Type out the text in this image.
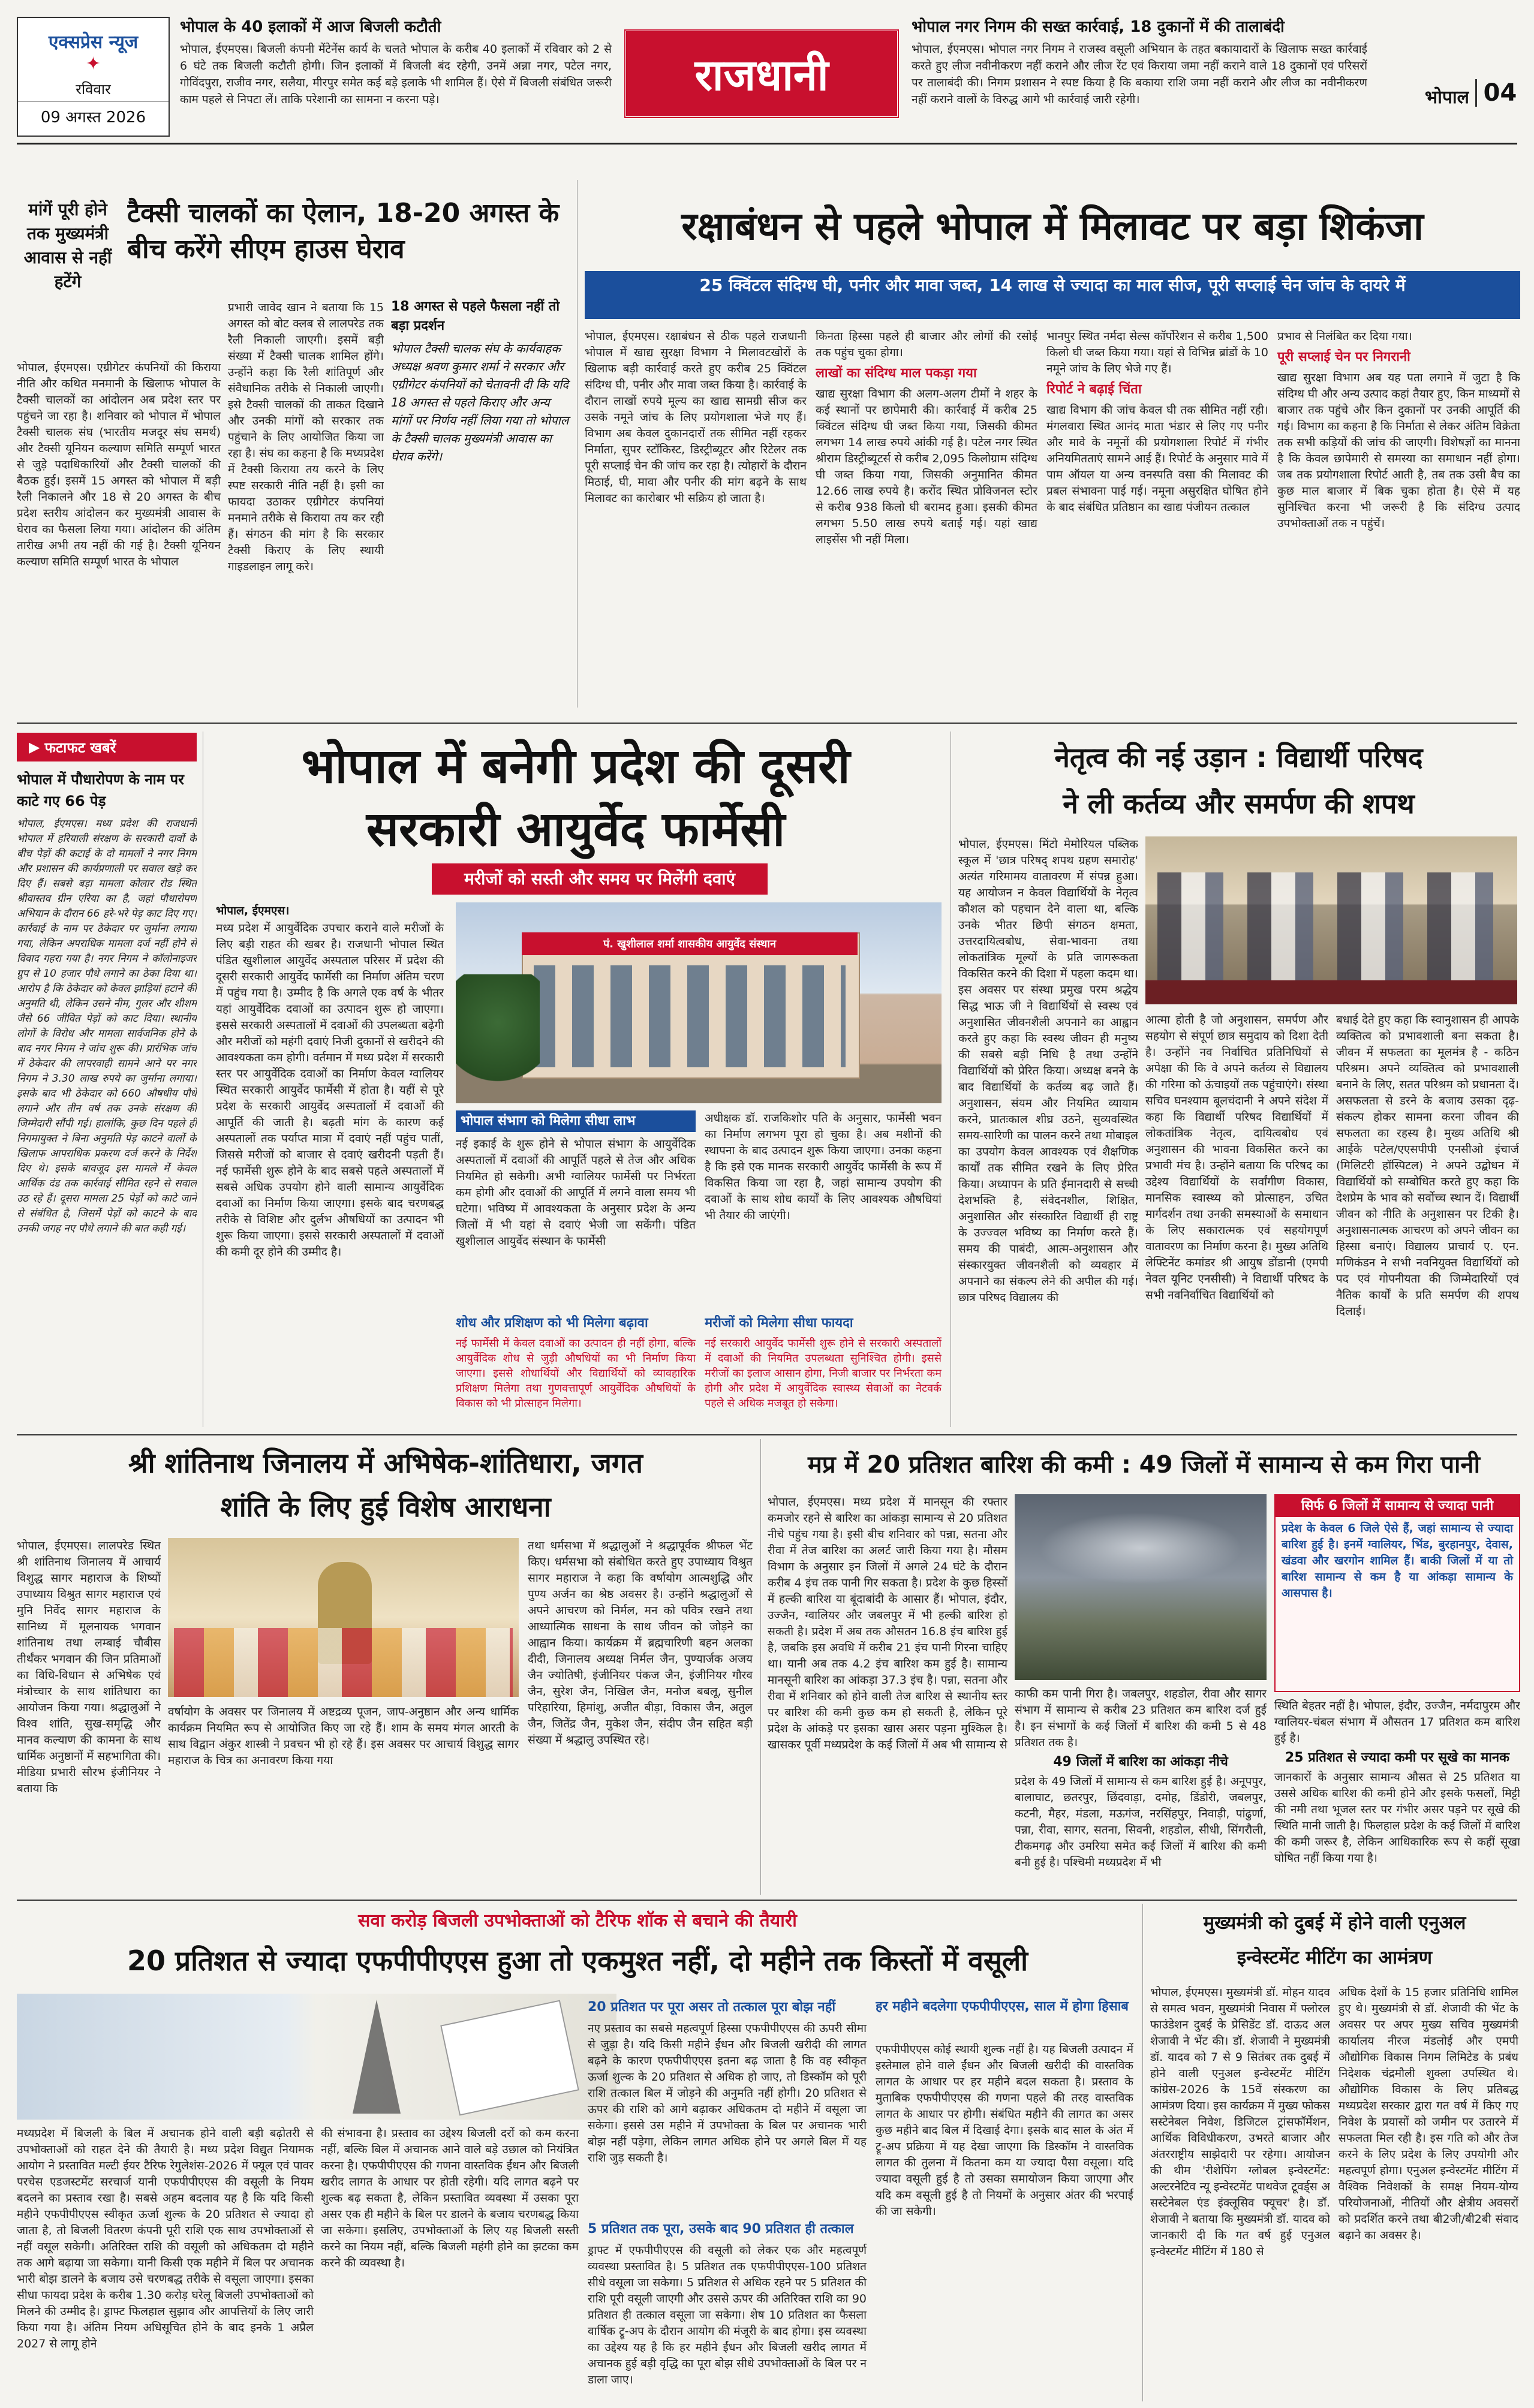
एक्सप्रेस न्यूज
✦
रविवार
09 अगस्त 2026
भोपाल के 40 इलाकों में आज बिजली कटौती
भोपाल, ईएमएस। बिजली कंपनी मेंटेनेंस कार्य के चलते भोपाल के करीब 40 इलाकों में रविवार को 2 से 6 घंटे तक बिजली कटौती होगी। जिन इलाकों में बिजली बंद रहेगी, उनमें अन्ना नगर, पटेल नगर, गोविंदपुरा, राजीव नगर, सलैया, मीरपुर समेत कई बड़े इलाके भी शामिल हैं। ऐसे में बिजली संबंधित जरूरी काम पहले से निपटा लें। ताकि परेशानी का सामना न करना पड़े।	राजधानी
भोपाल नगर निगम की सख्त कार्रवाई, 18 दुकानों में की तालाबंदी
भोपाल, ईएमएस। भोपाल नगर निगम ने राजस्व वसूली अभियान के तहत बकायादारों के खिलाफ सख्त कार्रवाई करते हुए लीज नवीनीकरण नहीं कराने और लीज रेंट एवं किराया जमा नहीं कराने वाले 18 दुकानों एवं परिसरों पर तालाबंदी की। निगम प्रशासन ने स्पष्ट किया है कि बकाया राशि जमा नहीं कराने और लीज का नवीनीकरण नहीं कराने वालों के विरुद्ध आगे भी कार्रवाई जारी रहेगी।	भोपाल 04
मांगें पूरी होने तक मुख्यमंत्री आवास से नहीं हटेंगे
टैक्सी चालकों का ऐलान, 18-20 अगस्त के बीच करेंगे सीएम हाउस घेराव
भोपाल, ईएमएस। एग्रीगेटर कंपनियों की किराया नीति और कथित मनमानी के खिलाफ भोपाल के टैक्सी चालकों का आंदोलन अब प्रदेश स्तर पर पहुंचने जा रहा है। शनिवार को भोपाल में भोपाल टैक्सी चालक संघ (भारतीय मजदूर संघ समर्थ) और टैक्सी यूनियन कल्याण समिति सम्पूर्ण भारत से जुड़े पदाधिकारियों और टैक्सी चालकों की बैठक हुई। इसमें 15 अगस्त को भोपाल में बड़ी रैली निकालने और 18 से 20 अगस्त के बीच प्रदेश स्तरीय आंदोलन कर मुख्यमंत्री आवास के घेराव का फैसला लिया गया। आंदोलन की अंतिम तारीख अभी तय नहीं की गई है। टैक्सी यूनियन कल्याण समिति सम्पूर्ण भारत के भोपाल
प्रभारी जावेद खान ने बताया कि 15 अगस्त को बोट क्लब से लालपरेड तक रैली निकाली जाएगी। इसमें बड़ी संख्या में टैक्सी चालक शामिल होंगे। उन्होंने कहा कि रैली शांतिपूर्ण और संवैधानिक तरीके से निकाली जाएगी। इसे टैक्सी चालकों की ताकत दिखाने और उनकी मांगों को सरकार तक पहुंचाने के लिए आयोजित किया जा रहा है। संघ का कहना है कि मध्यप्रदेश में टैक्सी किराया तय करने के लिए स्पष्ट सरकारी नीति नहीं है। इसी का फायदा उठाकर एग्रीगेटर कंपनियां मनमाने तरीके से किराया तय कर रही हैं। संगठन की मांग है कि सरकार टैक्सी किराए के लिए स्थायी गाइडलाइन लागू करे।
18 अगस्त से पहले फैसला नहीं तो बड़ा प्रदर्शन
भोपाल टैक्सी चालक संघ के कार्यवाहक अध्यक्ष श्रवण कुमार शर्मा ने सरकार और एग्रीगेटर कंपनियों को चेतावनी दी कि यदि 18 अगस्त से पहले किराए और अन्य मांगों पर निर्णय नहीं लिया गया तो भोपाल के टैक्सी चालक मुख्यमंत्री आवास का घेराव करेंगे।
रक्षाबंधन से पहले भोपाल में मिलावट पर बड़ा शिकंजा
25 क्विंटल संदिग्ध घी, पनीर और मावा जब्त, 14 लाख से ज्यादा का माल सीज, पूरी सप्लाई चेन जांच के दायरे में
भोपाल, ईएमएस। रक्षाबंधन से ठीक पहले राजधानी भोपाल में खाद्य सुरक्षा विभाग ने मिलावटखोरों के खिलाफ बड़ी कार्रवाई करते हुए करीब 25 क्विंटल संदिग्ध घी, पनीर और मावा जब्त किया है। कार्रवाई के दौरान लाखों रुपये मूल्य का खाद्य सामग्री सीज कर उसके नमूने जांच के लिए प्रयोगशाला भेजे गए हैं। विभाग अब केवल दुकानदारों तक सीमित नहीं रहकर निर्माता, सुपर स्टॉकिस्ट, डिस्ट्रीब्यूटर और रिटेलर तक पूरी सप्लाई चेन की जांच कर रहा है। त्योहारों के दौरान मिठाई, घी, मावा और पनीर की मांग बढ़ने के साथ मिलावट का कारोबार भी सक्रिय हो जाता है।
किनता हिस्सा पहले ही बाजार और लोगों की रसोई तक पहुंच चुका होगा।
लाखों का संदिग्ध माल पकड़ा गया
खाद्य सुरक्षा विभाग की अलग-अलग टीमों ने शहर के कई स्थानों पर छापेमारी की। कार्रवाई में करीब 25 क्विंटल संदिग्ध घी जब्त किया गया, जिसकी कीमत लगभग 14 लाख रुपये आंकी गई है। पटेल नगर स्थित श्रीराम डिस्ट्रीब्यूटर्स से करीब 2,095 किलोग्राम संदिग्ध घी जब्त किया गया, जिसकी अनुमानित कीमत 12.66 लाख रुपये है। करोंद स्थित प्रोविजनल स्टोर से करीब 938 किलो घी बरामद हुआ। इसकी कीमत लगभग 5.50 लाख रुपये बताई गई। यहां खाद्य लाइसेंस भी नहीं मिला।
भानपुर स्थित नर्मदा सेल्स कॉर्पोरेशन से करीब 1,500 किलो घी जब्त किया गया। यहां से विभिन्न ब्रांडों के 10 नमूने जांच के लिए भेजे गए हैं।
रिपोर्ट ने बढ़ाई चिंता
खाद्य विभाग की जांच केवल घी तक सीमित नहीं रही। मंगलवारा स्थित आनंद माता भंडार से लिए गए पनीर और मावे के नमूनों की प्रयोगशाला रिपोर्ट में गंभीर अनियमितताएं सामने आई हैं। रिपोर्ट के अनुसार मावे में पाम ऑयल या अन्य वनस्पति वसा की मिलावट की प्रबल संभावना पाई गई। नमूना असुरक्षित घोषित होने के बाद संबंधित प्रतिष्ठान का खाद्य पंजीयन तत्काल
प्रभाव से निलंबित कर दिया गया।
पूरी सप्लाई चेन पर निगरानी
खाद्य सुरक्षा विभाग अब यह पता लगाने में जुटा है कि संदिग्ध घी और अन्य उत्पाद कहां तैयार हुए, किन माध्यमों से बाजार तक पहुंचे और किन दुकानों पर उनकी आपूर्ति की गई। विभाग का कहना है कि निर्माता से लेकर अंतिम विक्रेता तक सभी कड़ियों की जांच की जाएगी। विशेषज्ञों का मानना है कि केवल छापेमारी से समस्या का समाधान नहीं होगा। जब तक प्रयोगशाला रिपोर्ट आती है, तब तक उसी बैच का कुछ माल बाजार में बिक चुका होता है। ऐसे में यह सुनिश्चित करना भी जरूरी है कि संदिग्ध उत्पाद उपभोक्ताओं तक न पहुंचें।
▶ फटाफट खबरें
भोपाल में पौधारोपण के नाम पर काटे गए 66 पेड़
भोपाल, ईएमएस। मध्य प्रदेश की राजधानी भोपाल में हरियाली संरक्षण के सरकारी दावों के बीच पेड़ों की कटाई के दो मामलों ने नगर निगम और प्रशासन की कार्यप्रणाली पर सवाल खड़े कर दिए हैं। सबसे बड़ा मामला कोलार रोड स्थित श्रीवास्तव ग्रीन एरिया का है, जहां पौधारोपण अभियान के दौरान 66 हरे-भरे पेड़ काट दिए गए। कार्रवाई के नाम पर ठेकेदार पर जुर्माना लगाया गया, लेकिन अपराधिक मामला दर्ज नहीं होने से विवाद गहरा गया है। नगर निगम ने कॉलोनाइजर ग्रुप से 10 हजार पौधे लगाने का ठेका दिया था। आरोप है कि ठेकेदार को केवल झाड़ियां हटाने की अनुमति थी, लेकिन उसने नीम, गुलर और शीशम जैसे 66 जीवित पेड़ों को काट दिया। स्थानीय लोगों के विरोध और मामला सार्वजनिक होने के बाद नगर निगम ने जांच शुरू की। प्रारंभिक जांच में ठेकेदार की लापरवाही सामने आने पर नगर निगम ने 3.30 लाख रुपये का जुर्माना लगाया। इसके बाद भी ठेकेदार को 660 औषधीय पौधे लगाने और तीन वर्ष तक उनके संरक्षण की जिम्मेदारी सौंपी गई। हालांकि, कुछ दिन पहले ही निगमायुक्त ने बिना अनुमति पेड़ काटने वालों के खिलाफ आपराधिक प्रकरण दर्ज करने के निर्देश दिए थे। इसके बावजूद इस मामले में केवल आर्थिक दंड तक कार्रवाई सीमित रहने से सवाल उठ रहे हैं। दूसरा मामला 25 पेड़ों को काटे जाने से संबंधित है, जिसमें पेड़ों को काटने के बाद उनकी जगह नए पौधे लगाने की बात कही गई।
भोपाल में बनेगी प्रदेश की दूसरी
सरकारी आयुर्वेद फार्मेसी
मरीजों को सस्ती और समय पर मिलेंगी दवाएं
भोपाल, ईएमएस।
मध्य प्रदेश में आयुर्वेदिक उपचार कराने वाले मरीजों के लिए बड़ी राहत की खबर है। राजधानी भोपाल स्थित पंडित खुशीलाल आयुर्वेद अस्पताल परिसर में प्रदेश की दूसरी सरकारी आयुर्वेद फार्मेसी का निर्माण अंतिम चरण में पहुंच गया है। उम्मीद है कि अगले एक वर्ष के भीतर यहां आयुर्वेदिक दवाओं का उत्पादन शुरू हो जाएगा। इससे सरकारी अस्पतालों में दवाओं की उपलब्धता बढ़ेगी और मरीजों को महंगी दवाएं निजी दुकानों से खरीदने की आवश्यकता कम होगी। वर्तमान में मध्य प्रदेश में सरकारी स्तर पर आयुर्वेदिक दवाओं का निर्माण केवल ग्वालियर स्थित सरकारी आयुर्वेद फार्मेसी में होता है। यहीं से पूरे प्रदेश के सरकारी आयुर्वेद अस्पतालों में दवाओं की आपूर्ति की जाती है। बढ़ती मांग के कारण कई अस्पतालों तक पर्याप्त मात्रा में दवाएं नहीं पहुंच पातीं, जिससे मरीजों को बाजार से दवाएं खरीदनी पड़ती हैं। नई फार्मेसी शुरू होने के बाद सबसे पहले अस्पतालों में सबसे अधिक उपयोग होने वाली सामान्य आयुर्वेदिक दवाओं का निर्माण किया जाएगा। इसके बाद चरणबद्ध तरीके से विशिष्ट और दुर्लभ औषधियों का उत्पादन भी शुरू किया जाएगा। इससे सरकारी अस्पतालों में दवाओं की कमी दूर होने की उम्मीद है।
पं. खुशीलाल शर्मा शासकीय आयुर्वेद संस्थान
भोपाल संभाग को मिलेगा सीधा लाभ
नई इकाई के शुरू होने से भोपाल संभाग के आयुर्वेदिक अस्पतालों में दवाओं की आपूर्ति पहले से तेज और अधिक नियमित हो सकेगी। अभी ग्वालियर फार्मेसी पर निर्भरता कम होगी और दवाओं की आपूर्ति में लगने वाला समय भी घटेगा। भविष्य में आवश्यकता के अनुसार प्रदेश के अन्य जिलों में भी यहां से दवाएं भेजी जा सकेंगी। पंडित खुशीलाल आयुर्वेद संस्थान के फार्मेसी
अधीक्षक डॉ. राजकिशोर पति के अनुसार, फार्मेसी भवन का निर्माण लगभग पूरा हो चुका है। अब मशीनों की स्थापना के बाद उत्पादन शुरू किया जाएगा। उनका कहना है कि इसे एक मानक सरकारी आयुर्वेद फार्मेसी के रूप में विकसित किया जा रहा है, जहां सामान्य उपयोग की दवाओं के साथ शोध कार्यों के लिए आवश्यक औषधियां भी तैयार की जाएंगी।
शोध और प्रशिक्षण को भी मिलेगा बढ़ावा
नई फार्मेसी में केवल दवाओं का उत्पादन ही नहीं होगा, बल्कि आयुर्वेदिक शोध से जुड़ी औषधियों का भी निर्माण किया जाएगा। इससे शोधार्थियों और विद्यार्थियों को व्यावहारिक प्रशिक्षण मिलेगा तथा गुणवत्तापूर्ण आयुर्वेदिक औषधियों के विकास को भी प्रोत्साहन मिलेगा।
मरीजों को मिलेगा सीधा फायदा
नई सरकारी आयुर्वेद फार्मेसी शुरू होने से सरकारी अस्पतालों में दवाओं की नियमित उपलब्धता सुनिश्चित होगी। इससे मरीजों का इलाज आसान होगा, निजी बाजार पर निर्भरता कम होगी और प्रदेश में आयुर्वेदिक स्वास्थ्य सेवाओं का नेटवर्क पहले से अधिक मजबूत हो सकेगा।
नेतृत्व की नई उड़ान : विद्यार्थी परिषद
ने ली कर्तव्य और समर्पण की शपथ
भोपाल, ईएमएस। मिंटो मेमोरियल पब्लिक स्कूल में 'छात्र परिषद् शपथ ग्रहण समारोह' अत्यंत गरिमामय वातावरण में संपन्न हुआ। यह आयोजन न केवल विद्यार्थियों के नेतृत्व कौशल को पहचान देने वाला था, बल्कि उनके भीतर छिपी संगठन क्षमता, उत्तरदायित्वबोध, सेवा-भावना तथा लोकतांत्रिक मूल्यों के प्रति जागरूकता विकसित करने की दिशा में पहला कदम था। इस अवसर पर संस्था प्रमुख परम श्रद्धेय सिद्ध भाऊ जी ने विद्यार्थियों से स्वस्थ एवं अनुशासित जीवनशैली अपनाने का आह्वान करते हुए कहा कि स्वस्थ जीवन ही मनुष्य की सबसे बड़ी निधि है तथा उन्होंने विद्यार्थियों को प्रेरित किया। अध्यक्ष बनने के बाद विद्यार्थियों के कर्तव्य बढ़ जाते हैं। अनुशासन, संयम और नियमित व्यायाम करने, प्रातःकाल शीघ्र उठने, सुव्यवस्थित समय-सारिणी का पालन करने तथा मोबाइल का उपयोग केवल आवश्यक एवं शैक्षणिक कार्यों तक सीमित रखने के लिए प्रेरित किया। अध्यापन के प्रति ईमानदारी से सच्ची देशभक्ति है, संवेदनशील, शिक्षित, अनुशासित और संस्कारित विद्यार्थी ही राष्ट्र के उज्ज्वल भविष्य का निर्माण करते हैं। समय की पाबंदी, आत्म-अनुशासन और संस्कारयुक्त जीवनशैली को व्यवहार में अपनाने का संकल्प लेने की अपील की गई। छात्र परिषद विद्यालय की
आत्मा होती है जो अनुशासन, समर्पण और सहयोग से संपूर्ण छात्र समुदाय को दिशा देती है। उन्होंने नव निर्वाचित प्रतिनिधियों से अपेक्षा की कि वे अपने कर्तव्य से विद्यालय की गरिमा को ऊंचाइयों तक पहुंचाएंगे। संस्था सचिव घनश्याम बूलचंदानी ने अपने संदेश में कहा कि विद्यार्थी परिषद विद्यार्थियों में लोकतांत्रिक नेतृत्व, दायित्वबोध एवं अनुशासन की भावना विकसित करने का प्रभावी मंच है। उन्होंने बताया कि परिषद का उद्देश्य विद्यार्थियों के सर्वांगीण विकास, मानसिक स्वास्थ्य को प्रोत्साहन, उचित मार्गदर्शन तथा उनकी समस्याओं के समाधान के लिए सकारात्मक एवं सहयोगपूर्ण वातावरण का निर्माण करना है। मुख्य अतिथि लेफ्टिनेंट कमांडर श्री आयुष डोंडानी (एमपी नेवल यूनिट एनसीसी) ने विद्यार्थी परिषद के सभी नवनिर्वाचित विद्यार्थियों को
बधाई देते हुए कहा कि स्वानुशासन ही आपके व्यक्तित्व को प्रभावशाली बना सकता है। जीवन में सफलता का मूलमंत्र है - कठिन परिश्रम। अपने व्यक्तित्व को प्रभावशाली बनाने के लिए, सतत परिश्रम को प्रधानता दें। असफलता से डरने के बजाय उसका दृढ़-संकल्प होकर सामना करना जीवन की सफलता का रहस्य है। मुख्य अतिथि श्री आईके पटेल/एएसपीपी एनसीओ इंचार्ज (मिलिटरी हॉस्पिटल) ने अपने उद्बोधन में विद्यार्थियों को सम्बोधित करते हुए कहा कि देशप्रेम के भाव को सर्वोच्च स्थान दें। विद्यार्थी जीवन को नीति के अनुशासन पर टिकी है। अनुशासनात्मक आचरण को अपने जीवन का हिस्सा बनाएं। विद्यालय प्राचार्य ए. एन. मणिकंडन ने सभी नवनियुक्त विद्यार्थियों को पद एवं गोपनीयता की जिम्मेदारियों एवं नैतिक कार्यों के प्रति समर्पण की शपथ दिलाई।
श्री शांतिनाथ जिनालय में अभिषेक-शांतिधारा, जगत
शांति के लिए हुई विशेष आराधना
भोपाल, ईएमएस। लालपरेड स्थित श्री शांतिनाथ जिनालय में आचार्य विशुद्ध सागर महाराज के शिष्यों उपाध्याय विश्रुत सागर महाराज एवं मुनि निर्वेद सागर महाराज के सानिध्य में मूलनायक भगवान शांतिनाथ तथा लम्बाई चौबीस तीर्थंकर भगवान की जिन प्रतिमाओं का विधि-विधान से अभिषेक एवं मंत्रोच्चार के साथ शांतिधारा का आयोजन किया गया। श्रद्धालुओं ने विश्व शांति, सुख-समृद्धि और मानव कल्याण की कामना के साथ धार्मिक अनुष्ठानों में सहभागिता की। मीडिया प्रभारी सौरभ इंजीनियर ने बताया कि
वर्षायोग के अवसर पर जिनालय में अष्टद्रव्य पूजन, जाप-अनुष्ठान और अन्य धार्मिक कार्यक्रम नियमित रूप से आयोजित किए जा रहे हैं। शाम के समय मंगल आरती के साथ विद्वान अंकुर शास्त्री ने प्रवचन भी हो रहे हैं। इस अवसर पर आचार्य विशुद्ध सागर महाराज के चित्र का अनावरण किया गया
तथा धर्मसभा में श्रद्धालुओं ने श्रद्धापूर्वक श्रीफल भेंट किए। धर्मसभा को संबोधित करते हुए उपाध्याय विश्रुत सागर महाराज ने कहा कि वर्षायोग आत्मशुद्धि और पुण्य अर्जन का श्रेष्ठ अवसर है। उन्होंने श्रद्धालुओं से अपने आचरण को निर्मल, मन को पवित्र रखने तथा आध्यात्मिक साधना के साथ जीवन को जोड़ने का आह्वान किया। कार्यक्रम में ब्रह्मचारिणी बहन अलका दीदी, जिनालय अध्यक्ष निर्मल जैन, पुण्यार्जक अजय जैन ज्योतिषी, इंजीनियर पंकज जैन, इंजीनियर गौरव जैन, सुरेश जैन, निखिल जैन, मनोज बबलू, सुनील परिहारिया, हिमांशु, अजीत बीड़ा, विकास जैन, अतुल जैन, जितेंद्र जैन, मुकेश जैन, संदीप जैन सहित बड़ी संख्या में श्रद्धालु उपस्थित रहे।
मप्र में 20 प्रतिशत बारिश की कमी : 49 जिलों में सामान्य से कम गिरा पानी
भोपाल, ईएमएस। मध्य प्रदेश में मानसून की रफ्तार कमजोर रहने से बारिश का आंकड़ा सामान्य से 20 प्रतिशत नीचे पहुंच गया है। इसी बीच शनिवार को पन्ना, सतना और रीवा में तेज बारिश का अलर्ट जारी किया गया है। मौसम विभाग के अनुसार इन जिलों में अगले 24 घंटे के दौरान करीब 4 इंच तक पानी गिर सकता है। प्रदेश के कुछ हिस्सों में हल्की बारिश या बूंदाबांदी के आसार हैं। भोपाल, इंदौर, उज्जैन, ग्वालियर और जबलपुर में भी हल्की बारिश हो सकती है। प्रदेश में अब तक औसतन 16.8 इंच बारिश हुई है, जबकि इस अवधि में करीब 21 इंच पानी गिरना चाहिए था। यानी अब तक 4.2 इंच बारिश कम हुई है। सामान्य मानसूनी बारिश का आंकड़ा 37.3 इंच है। पन्ना, सतना और रीवा में शनिवार को होने वाली तेज बारिश से स्थानीय स्तर पर बारिश की कमी कुछ कम हो सकती है, लेकिन पूरे प्रदेश के आंकड़े पर इसका खास असर पड़ना मुश्किल है। खासकर पूर्वी मध्यप्रदेश के कई जिलों में अब भी सामान्य से
सिर्फ 6 जिलों में सामान्य से ज्यादा पानी
प्रदेश के केवल 6 जिले ऐसे हैं, जहां सामान्य से ज्यादा बारिश हुई है। इनमें ग्वालियर, भिंड, बुरहानपुर, देवास, खंडवा और खरगोन शामिल हैं। बाकी जिलों में या तो बारिश सामान्य से कम है या आंकड़ा सामान्य के आसपास है।
काफी कम पानी गिरा है। जबलपुर, शहडोल, रीवा और सागर संभाग में सामान्य से करीब 23 प्रतिशत कम बारिश दर्ज हुई है। इन संभागों के कई जिलों में बारिश की कमी 5 से 48 प्रतिशत तक है।
49 जिलों में बारिश का आंकड़ा नीचे
प्रदेश के 49 जिलों में सामान्य से कम बारिश हुई है। अनूपपुर, बालाघाट, छतरपुर, छिंदवाड़ा, दमोह, डिंडोरी, जबलपुर, कटनी, मैहर, मंडला, मऊगंज, नरसिंहपुर, निवाड़ी, पांढुर्णा, पन्ना, रीवा, सागर, सतना, सिवनी, शहडोल, सीधी, सिंगरौली, टीकमगढ़ और उमरिया समेत कई जिलों में बारिश की कमी बनी हुई है। पश्चिमी मध्यप्रदेश में भी
स्थिति बेहतर नहीं है। भोपाल, इंदौर, उज्जैन, नर्मदापुरम और ग्वालियर-चंबल संभाग में औसतन 17 प्रतिशत कम बारिश हुई है।
25 प्रतिशत से ज्यादा कमी पर सूखे का मानक
जानकारों के अनुसार सामान्य औसत से 25 प्रतिशत या उससे अधिक बारिश की कमी होने और इसके फसलों, मिट्टी की नमी तथा भूजल स्तर पर गंभीर असर पड़ने पर सूखे की स्थिति मानी जाती है। फिलहाल प्रदेश के कई जिलों में बारिश की कमी जरूर है, लेकिन आधिकारिक रूप से कहीं सूखा घोषित नहीं किया गया है।
सवा करोड़ बिजली उपभोक्ताओं को टैरिफ शॉक से बचाने की तैयारी
20 प्रतिशत से ज्यादा एफपीपीएएस हुआ तो एकमुश्त नहीं, दो महीने तक किस्तों में वसूली
मध्यप्रदेश में बिजली के बिल में अचानक होने वाली बड़ी बढ़ोतरी से उपभोक्ताओं को राहत देने की तैयारी है। मध्य प्रदेश विद्युत नियामक आयोग ने प्रस्तावित मल्टी ईयर टैरिफ रेगुलेशंस-2026 में फ्यूल एवं पावर परचेस एडजस्टमेंट सरचार्ज यानी एफपीपीएएस की वसूली के नियम बदलने का प्रस्ताव रखा है। सबसे अहम बदलाव यह है कि यदि किसी महीने एफपीपीएएस स्वीकृत ऊर्जा शुल्क के 20 प्रतिशत से ज्यादा हो जाता है, तो बिजली वितरण कंपनी पूरी राशि एक साथ उपभोक्ताओं से नहीं वसूल सकेगी। अतिरिक्त राशि की वसूली को अधिकतम दो महीने तक आगे बढ़ाया जा सकेगा। यानी किसी एक महीने में बिल पर अचानक भारी बोझ डालने के बजाय उसे चरणबद्ध तरीके से वसूला जाएगा। इसका सीधा फायदा प्रदेश के करीब 1.30 करोड़ घरेलू बिजली उपभोक्ताओं को मिलने की उम्मीद है। ड्राफ्ट फिलहाल सुझाव और आपत्तियों के लिए जारी किया गया है। अंतिम नियम अधिसूचित होने के बाद इनके 1 अप्रैल 2027 से लागू होने
की संभावना है। प्रस्ताव का उद्देश्य बिजली दरों को कम करना नहीं, बल्कि बिल में अचानक आने वाले बड़े उछाल को नियंत्रित करना है। एफपीपीएएस की गणना वास्तविक ईंधन और बिजली खरीद लागत के आधार पर होती रहेगी। यदि लागत बढ़ने पर शुल्क बढ़ सकता है, लेकिन प्रस्तावित व्यवस्था में उसका पूरा असर एक ही महीने के बिल पर डालने के बजाय चरणबद्ध किया जा सकेगा। इसलिए, उपभोक्ताओं के लिए यह बिजली सस्ती करने का नियम नहीं, बल्कि बिजली महंगी होने का झटका कम करने की व्यवस्था है।
20 प्रतिशत पर पूरा असर तो तत्काल पूरा बोझ नहीं
नए प्रस्ताव का सबसे महत्वपूर्ण हिस्सा एफपीपीएएस की ऊपरी सीमा से जुड़ा है। यदि किसी महीने ईंधन और बिजली खरीदी की लागत बढ़ने के कारण एफपीपीएएस इतना बढ़ जाता है कि वह स्वीकृत ऊर्जा शुल्क के 20 प्रतिशत से अधिक हो जाए, तो डिस्कॉम को पूरी राशि तत्काल बिल में जोड़ने की अनुमति नहीं होगी। 20 प्रतिशत से ऊपर की राशि को आगे बढ़ाकर अधिकतम दो महीने में वसूला जा सकेगा। इससे उस महीने में उपभोक्ता के बिल पर अचानक भारी बोझ नहीं पड़ेगा, लेकिन लागत अधिक होने पर अगले बिल में यह राशि जुड़ सकती है।
5 प्रतिशत तक पूरा, उसके बाद 90 प्रतिशत ही तत्काल
ड्राफ्ट में एफपीपीएएस की वसूली को लेकर एक और महत्वपूर्ण व्यवस्था प्रस्तावित है। 5 प्रतिशत तक एफपीपीएएस-100 प्रतिशत सीधे वसूला जा सकेगा। 5 प्रतिशत से अधिक रहने पर 5 प्रतिशत की राशि पूरी वसूली जाएगी और उससे ऊपर की अतिरिक्त राशि का 90 प्रतिशत ही तत्काल वसूला जा सकेगा। शेष 10 प्रतिशत का फैसला वार्षिक ट्रू-अप के दौरान आयोग की मंजूरी के बाद होगा। इस व्यवस्था का उद्देश्य यह है कि हर महीने ईंधन और बिजली खरीद लागत में अचानक हुई बड़ी वृद्धि का पूरा बोझ सीधे उपभोक्ताओं के बिल पर न डाला जाए।
हर महीने बदलेगा एफपीपीएएस, साल में होगा हिसाब
एफपीपीएएस कोई स्थायी शुल्क नहीं है। यह बिजली उत्पादन में इस्तेमाल होने वाले ईंधन और बिजली खरीदी की वास्तविक लागत के आधार पर हर महीने बदल सकता है। प्रस्ताव के मुताबिक एफपीपीएएस की गणना पहले की तरह वास्तविक लागत के आधार पर होगी। संबंधित महीने की लागत का असर कुछ महीने बाद बिल में दिखाई देगा। इसके बाद साल के अंत में ट्रू-अप प्रक्रिया में यह देखा जाएगा कि डिस्कॉम ने वास्तविक लागत की तुलना में कितना कम या ज्यादा पैसा वसूला। यदि ज्यादा वसूली हुई है तो उसका समायोजन किया जाएगा और यदि कम वसूली हुई है तो नियमों के अनुसार अंतर की भरपाई की जा सकेगी।
मुख्यमंत्री को दुबई में होने वाली एनुअल
इन्वेस्टमेंट मीटिंग का आमंत्रण
भोपाल, ईएमएस। मुख्यमंत्री डॉ. मोहन यादव से समत्व भवन, मुख्यमंत्री निवास में फ्लोरल फाउंडेशन दुबई के प्रेसिडेंट डॉ. दाऊद अल शेजावी ने भेंट की। डॉ. शेजावी ने मुख्यमंत्री डॉ. यादव को 7 से 9 सितंबर तक दुबई में होने वाली एनुअल इन्वेस्टमेंट मीटिंग कांग्रेस-2026 के 15वें संस्करण का आमंत्रण दिया। इस कार्यक्रम में मुख्य फोकस सस्टेनेबल निवेश, डिजिटल ट्रांसफॉर्मेशन, आर्थिक विविधीकरण, उभरते बाजार और अंतरराष्ट्रीय साझेदारी पर रहेगा। आयोजन की थीम 'रीशेपिंग ग्लोबल इन्वेस्टमेंट: अल्टरनेटिव न्यू इन्वेस्टमेंट पाथवेज टूवर्ड्स अ सस्टेनेबल एंड इंक्लूसिव फ्यूचर' है। डॉ. शेजावी ने बताया कि मुख्यमंत्री डॉ. यादव को जानकारी दी कि गत वर्ष हुई एनुअल इन्वेस्टमेंट मीटिंग में 180 से
अधिक देशों के 15 हजार प्रतिनिधि शामिल हुए थे। मुख्यमंत्री से डॉ. शेजावी की भेंट के अवसर पर अपर मुख्य सचिव मुख्यमंत्री कार्यालय नीरज मंडलोई और एमपी औद्योगिक विकास निगम लिमिटेड के प्रबंध निदेशक चंद्रमौली शुक्ला उपस्थित थे। औद्योगिक विकास के लिए प्रतिबद्ध मध्यप्रदेश सरकार द्वारा गत वर्ष में किए गए निवेश के प्रयासों को जमीन पर उतारने में सफलता मिल रही है। इस गति को और तेज करने के लिए प्रदेश के लिए उपयोगी और महत्वपूर्ण होगा। एनुअल इन्वेस्टमेंट मीटिंग में वैश्विक निवेशकों के समक्ष नियम-योग्य परियोजनाओं, नीतियों और क्षेत्रीय अवसरों को प्रदर्शित करने तथा बी2जी/बी2बी संवाद बढ़ाने का अवसर है।
